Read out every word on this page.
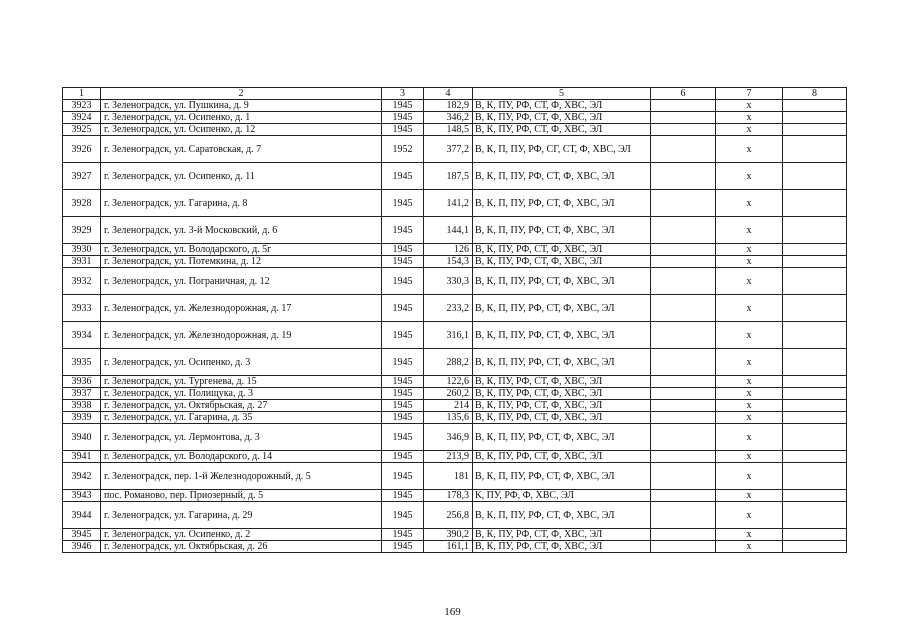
1	2	3	4	5	6	7	8
3923	г. Зеленоградск, ул. Пушкина, д. 9	1945	182,9	В, К, ПУ, РФ, СТ, Ф, ХВС, ЭЛ		x	
3924	г. Зеленоградск, ул. Осипенко, д. 1	1945	346,2	В, К, ПУ, РФ, СТ, Ф, ХВС, ЭЛ		x	
3925	г. Зеленоградск, ул. Осипенко, д. 12	1945	148,5	В, К, ПУ, РФ, СТ, Ф, ХВС, ЭЛ		x	
3926	г. Зеленоградск, ул. Саратовская, д. 7	1952	377,2	В, К, П, ПУ, РФ, СГ, СТ, Ф, ХВС, ЭЛ		x	
3927	г. Зеленоградск, ул. Осипенко, д. 11	1945	187,5	В, К, П, ПУ, РФ, СТ, Ф, ХВС, ЭЛ		x	
3928	г. Зеленоградск, ул. Гагарина, д. 8	1945	141,2	В, К, П, ПУ, РФ, СТ, Ф, ХВС, ЭЛ		x	
3929	г. Зеленоградск, ул. 3-й Московский, д. 6	1945	144,1	В, К, П, ПУ, РФ, СТ, Ф, ХВС, ЭЛ		x	
3930	г. Зеленоградск, ул. Володарского, д. 5г	1945	126	В, К, ПУ, РФ, СТ, Ф, ХВС, ЭЛ		x	
3931	г. Зеленоградск, ул. Потемкина, д. 12	1945	154,3	В, К, ПУ, РФ, СТ, Ф, ХВС, ЭЛ		x	
3932	г. Зеленоградск, ул. Пограничная, д. 12	1945	330,3	В, К, П, ПУ, РФ, СТ, Ф, ХВС, ЭЛ		x	
3933	г. Зеленоградск, ул. Железнодорожная, д. 17	1945	233,2	В, К, П, ПУ, РФ, СТ, Ф, ХВС, ЭЛ		x	
3934	г. Зеленоградск, ул. Железнодорожная, д. 19	1945	316,1	В, К, П, ПУ, РФ, СТ, Ф, ХВС, ЭЛ		x	
3935	г. Зеленоградск, ул. Осипенко, д. 3	1945	288,2	В, К, П, ПУ, РФ, СТ, Ф, ХВС, ЭЛ		x	
3936	г. Зеленоградск, ул. Тургенева, д. 15	1945	122,6	В, К, ПУ, РФ, СТ, Ф, ХВС, ЭЛ		x	
3937	г. Зеленоградск, ул. Полищука, д. 3	1945	260,2	В, К, ПУ, РФ, СТ, Ф, ХВС, ЭЛ		x	
3938	г. Зеленоградск, ул. Октябрьская, д. 27	1945	214	В, К, ПУ, РФ, СТ, Ф, ХВС, ЭЛ		x	
3939	г. Зеленоградск, ул. Гагарина, д. 35	1945	135,6	В, К, ПУ, РФ, СТ, Ф, ХВС, ЭЛ		x	
3940	г. Зеленоградск, ул. Лермонтова, д. 3	1945	346,9	В, К, П, ПУ, РФ, СТ, Ф, ХВС, ЭЛ		x	
3941	г. Зеленоградск, ул. Володарского, д. 14	1945	213,9	В, К, ПУ, РФ, СТ, Ф, ХВС, ЭЛ		x	
3942	г. Зеленоградск, пер. 1-й Железнодорожный, д. 5	1945	181	В, К, П, ПУ, РФ, СТ, Ф, ХВС, ЭЛ		x	
3943	пос. Романово, пер. Приозерный, д. 5	1945	178,3	К, ПУ, РФ, Ф, ХВС, ЭЛ		x	
3944	г. Зеленоградск, ул. Гагарина, д. 29	1945	256,8	В, К, П, ПУ, РФ, СТ, Ф, ХВС, ЭЛ		x	
3945	г. Зеленоградск, ул. Осипенко, д. 2	1945	390,2	В, К, ПУ, РФ, СТ, Ф, ХВС, ЭЛ		x	
3946	г. Зеленоградск, ул. Октябрьская, д. 26	1945	161,1	В, К, ПУ, РФ, СТ, Ф, ХВС, ЭЛ		x	
169
